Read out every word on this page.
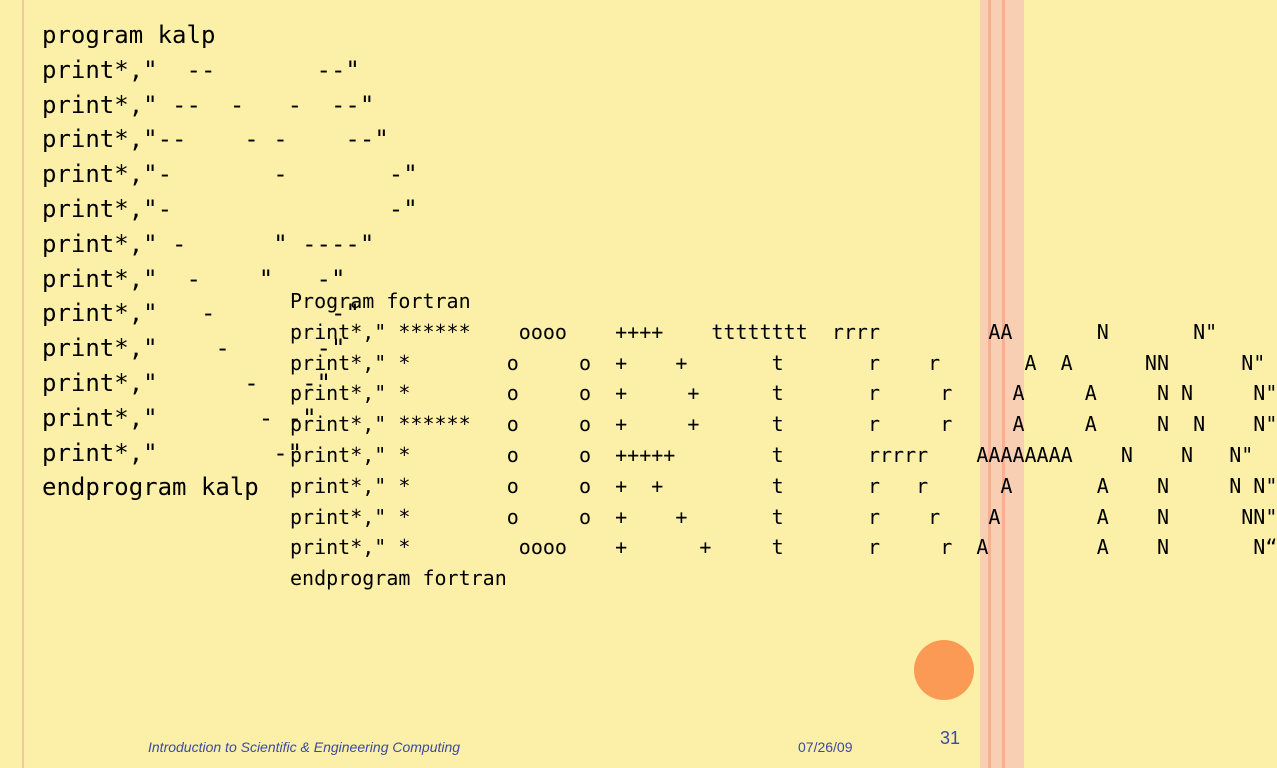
program kalp
print*,"  --       --"
print*," --  -   -  --"
print*,"--    - -    --"
print*,"-       -       -"
print*,"-               -"
print*," -      " ----"
print*,"  -    "   -"
print*,"   -        -"
print*,"    -      -"
print*,"      -   -"
print*,"       - -"
print*,"        -"
endprogram kalp
Program fortran
print*," ******    oooo    ++++    tttttttt  rrrr         AA       N       N"
print*," *        o     o  +    +       t       r    r       A  A      NN      N"
print*," *        o     o  +     +      t       r     r     A     A     N N     N"
print*," ******   o     o  +     +      t       r     r     A     A     N  N    N"
print*," *        o     o  +++++        t       rrrrr    AAAAAAAA    N    N   N"
print*," *        o     o  +  +         t       r   r      A       A    N     N N"
print*," *        o     o  +    +       t       r    r    A        A    N      NN"
print*," *         oooo    +      +     t       r     r  A         A    N       N“
endprogram fortran
Introduction to Scientific & Engineering Computing	07/26/09	31
